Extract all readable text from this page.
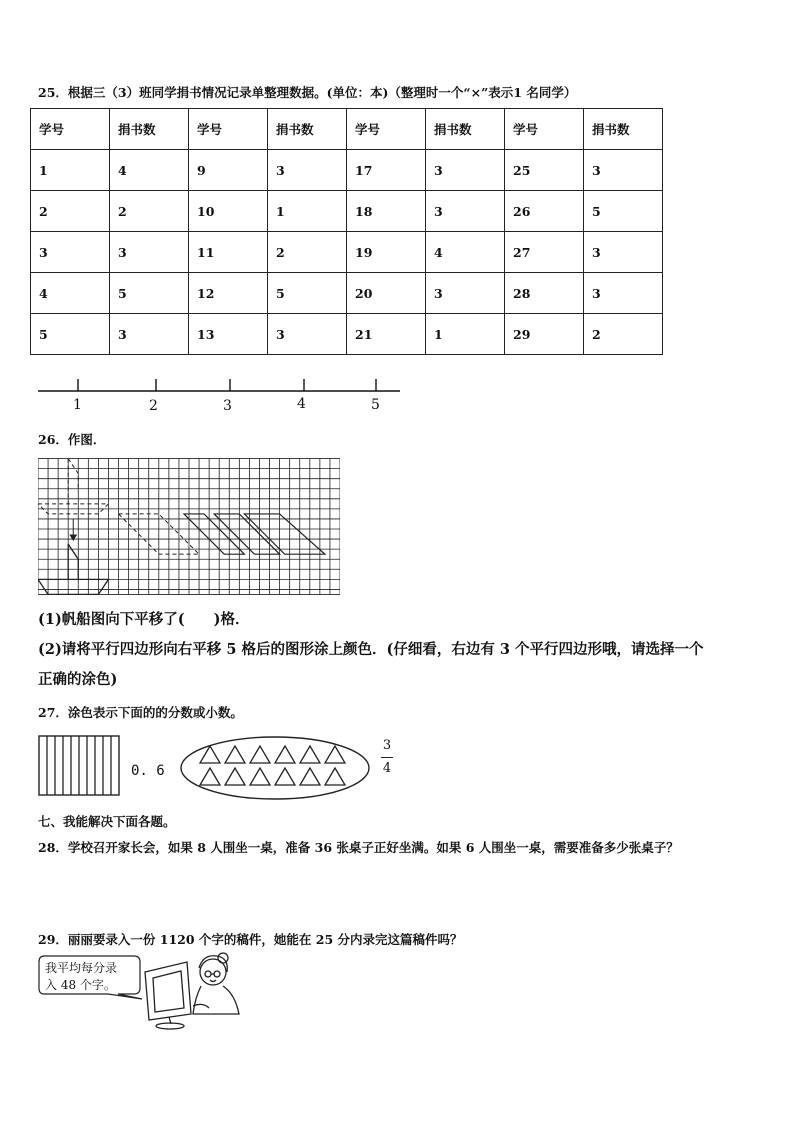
25．根据三（3）班同学捐书情况记录单整理数据。(单位：本)（整理时一个“×”表示1 名同学）
学号	捐书数	学号	捐书数	学号	捐书数	学号	捐书数
1	4	9	3	17	3	25	3
2	2	10	1	18	3	26	5
3	3	11	2	19	4	27	3
4	5	12	5	20	3	28	3
5	3	13	3	21	1	29	2
1	2	3	4	5
26．作图．
(1)帆船图向下平移了(　　)格．
(2)请将平行四边形向右平移 5 格后的图形涂上颜色．(仔细看，右边有 3 个平行四边形哦，请选择一个
正确的涂色)
27．涂色表示下面的的分数或小数。
0. 6
3
4
七、我能解决下面各题。
28．学校召开家长会，如果 8 人围坐一桌，准备 36 张桌子正好坐满。如果 6 人围坐一桌，需要准备多少张桌子？
29．丽丽要录入一份 1120 个字的稿件，她能在 25 分内录完这篇稿件吗？
我平均每分录
入 48 个字。
